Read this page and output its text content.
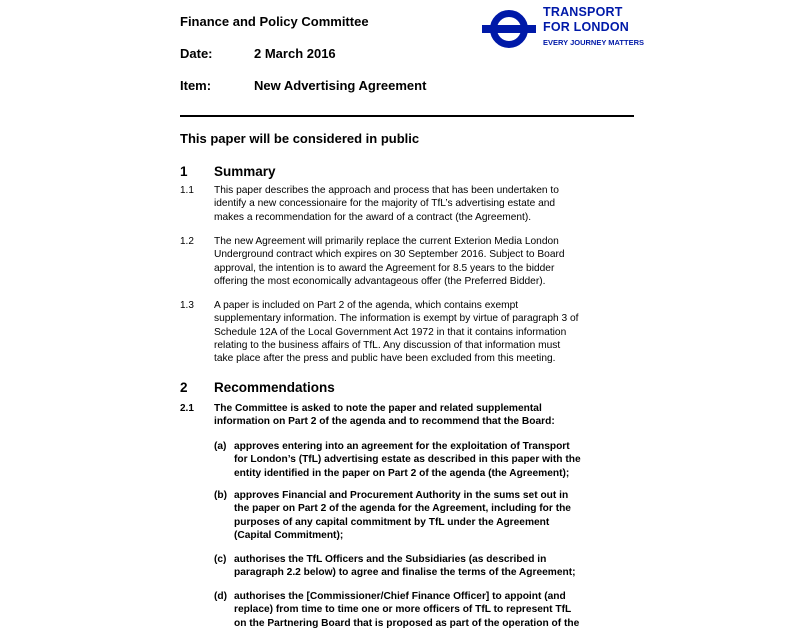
Finance and Policy Committee
Date:	2 March 2016
Item:	New Advertising Agreement
TRANSPORT
FOR LONDON
EVERY JOURNEY MATTERS
This paper will be considered in public
1 Summary
1.1 This paper describes the approach and process that has been undertaken to
identify a new concessionaire for the majority of TfL’s advertising estate and
makes a recommendation for the award of a contract (the Agreement).
1.2 The new Agreement will primarily replace the current Exterion Media London
Underground contract which expires on 30 September 2016. Subject to Board
approval, the intention is to award the Agreement for 8.5 years to the bidder
offering the most economically advantageous offer (the Preferred Bidder).
1.3 A paper is included on Part 2 of the agenda, which contains exempt
supplementary information. The information is exempt by virtue of paragraph 3 of
Schedule 12A of the Local Government Act 1972 in that it contains information
relating to the business affairs of TfL. Any discussion of that information must
take place after the press and public have been excluded from this meeting.
2 Recommendations
2.1 The Committee is asked to note the paper and related supplemental
information on Part 2 of the agenda and to recommend that the Board:
(a) approves entering into an agreement for the exploitation of Transport
for London’s (TfL) advertising estate as described in this paper with the
entity identified in the paper on Part 2 of the agenda (the Agreement);
(b) approves Financial and Procurement Authority in the sums set out in
the paper on Part 2 of the agenda for the Agreement, including for the
purposes of any capital commitment by TfL under the Agreement
(Capital Commitment);
(c) authorises the TfL Officers and the Subsidiaries (as described in
paragraph 2.2 below) to agree and finalise the terms of the Agreement;
(d) authorises the [Commissioner/Chief Finance Officer] to appoint (and
replace) from time to time one or more officers of TfL to represent TfL
on the Partnering Board that is proposed as part of the operation of the
